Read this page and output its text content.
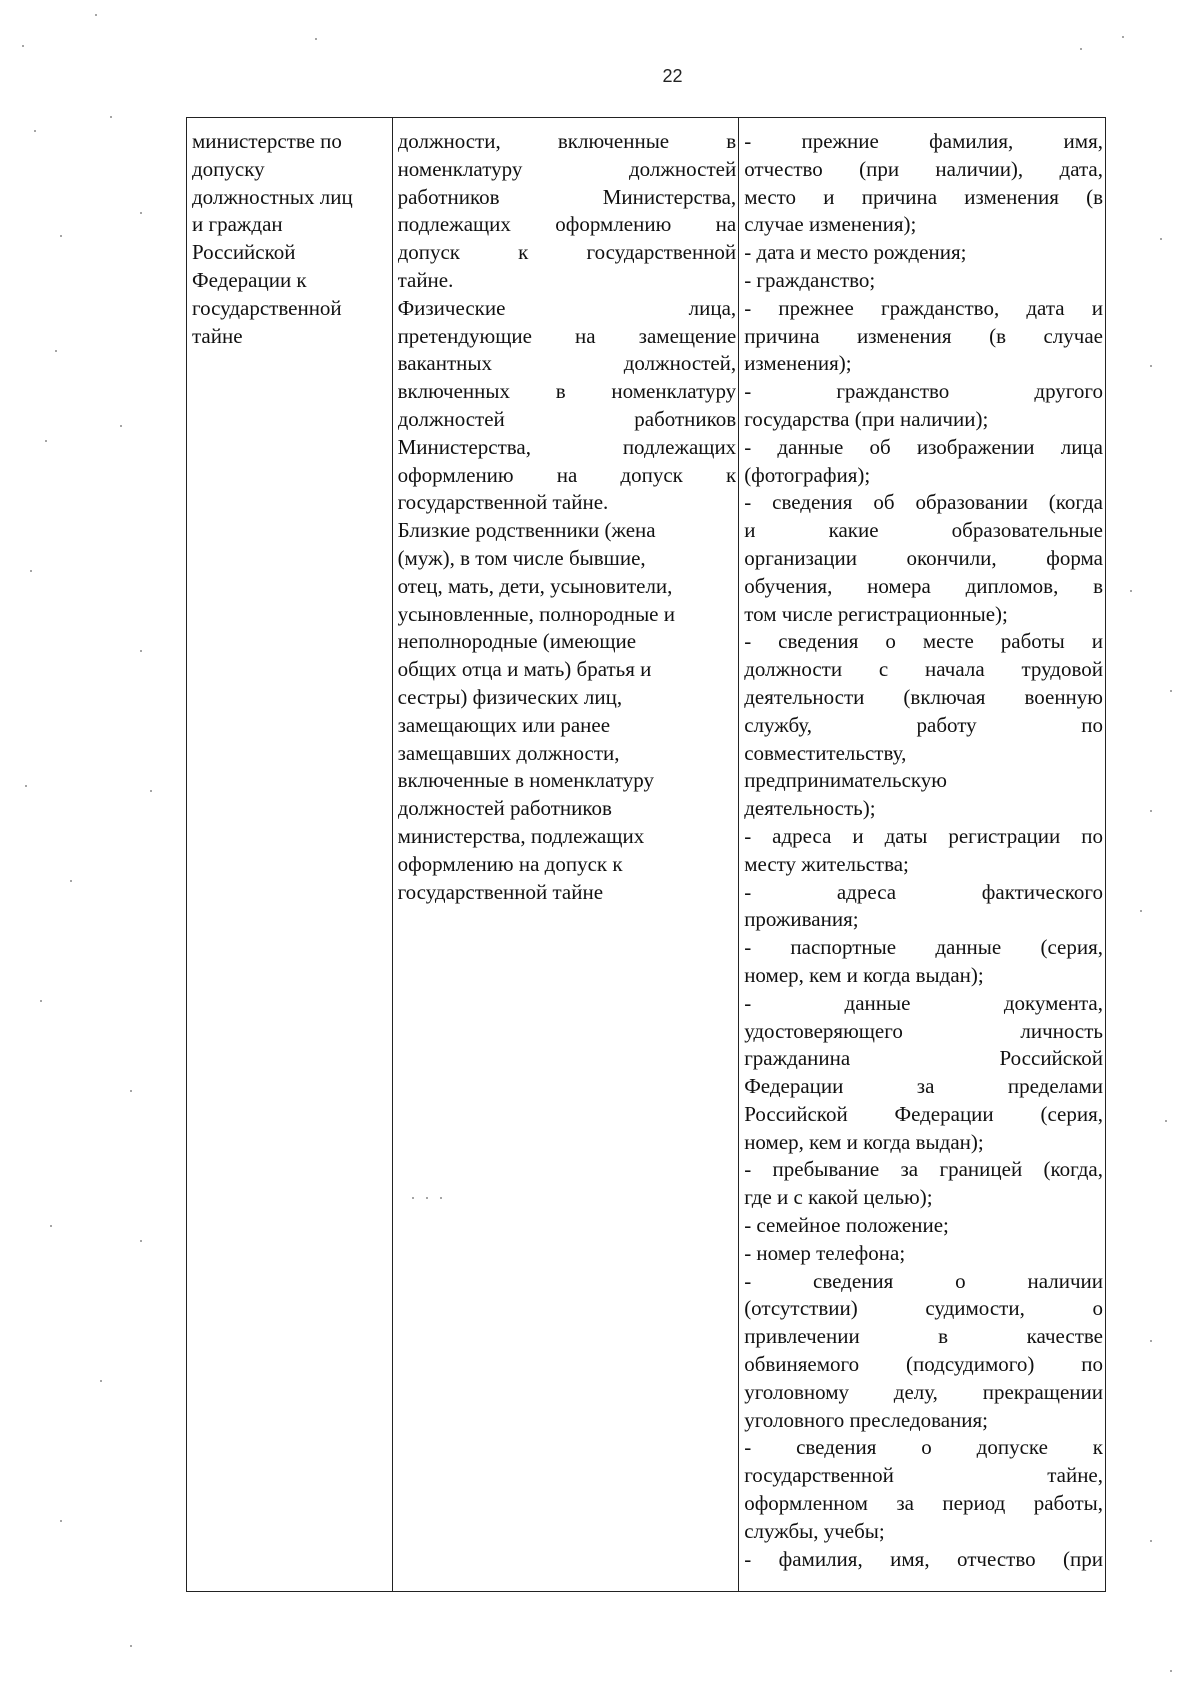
22
министерстве по
допуску
должностных лиц
и граждан
Российской
Федерации к
государственной
тайне

должности, включенные в
номенклатуру должностей
работников Министерства,
подлежащих оформлению на
допуск к государственной
тайне.
Физические лица,
претендующие на замещение
вакантных должностей,
включенных в номенклатуру
должностей работников
Министерства, подлежащих
оформлению на допуск к
государственной тайне.
Близкие родственники (жена
(муж), в том числе бывшие,
отец, мать, дети, усыновители,
усыновленные, полнородные и
неполнородные (имеющие
общих отца и мать) братья и
сестры) физических лиц,
замещающих или ранее
замещавших должности,
включенные в номенклатуру
должностей работников
министерства, подлежащих
оформлению на допуск к
государственной тайне

- прежние фамилия, имя,
отчество (при наличии), дата,
место и причина изменения (в
случае изменения);
- дата и место рождения;
- гражданство;
- прежнее гражданство, дата и
причина изменения (в случае
изменения);
- гражданство другого
государства (при наличии);
- данные об изображении лица
(фотография);
- сведения об образовании (когда
и какие образовательные
организации окончили, форма
обучения, номера дипломов, в
том числе регистрационные);
- сведения о месте работы и
должности с начала трудовой
деятельности (включая военную
службу, работу по
совместительству,
предпринимательскую
деятельность);
- адреса и даты регистрации по
месту жительства;
- адреса фактического
проживания;
- паспортные данные (серия,
номер, кем и когда выдан);
- данные документа,
удостоверяющего личность
гражданина Российской
Федерации за пределами
Российской Федерации (серия,
номер, кем и когда выдан);
- пребывание за границей (когда,
где и с какой целью);
- семейное положение;
- номер телефона;
- сведения о наличии
(отсутствии) судимости, о
привлечении в качестве
обвиняемого (подсудимого) по
уголовному делу, прекращении
уголовного преследования;
- сведения о допуске к
государственной тайне,
оформленном за период работы,
службы, учебы;
- фамилия, имя, отчество (при
